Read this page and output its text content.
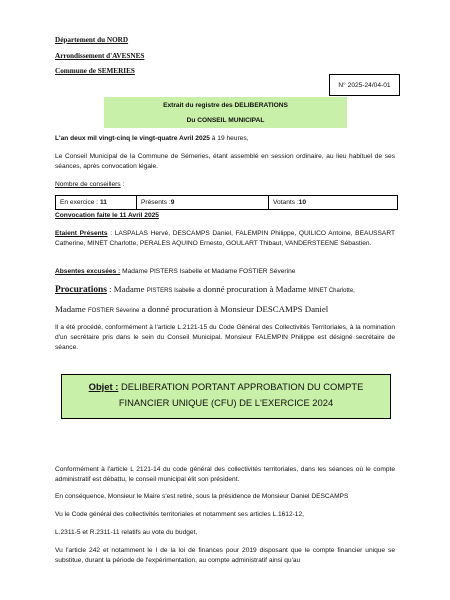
Département du NORD
Arrondissement d'AVESNES
Commune de SEMERIES
N° 2025-24/04-01
Extrait du registre des DELIBERATIONS
Du CONSEIL MUNICIPAL
L'an deux mil vingt-cinq le vingt-quatre Avril 2025 à 19 heures,
Le Conseil Municipal de la Commune de Sémeries, étant assemblé en session ordinaire, au lieu habituel de ses séances, après convocation légale.
Nombre de conseillers :
En exercice :
11	Présents : 9	Votants : 10
Convocation faite le 11 Avril 2025
Etaient Présents : LASPALAS Hervé, DESCAMPS Daniel, FALEMPIN Philippe, QUILICO Antoine, BEAUSSART Catherine, MINET Charlotte, PERALES AQUINO Ernesto, GOULART Thibaut, VANDERSTEENE Sébastien.
Absentes excusées : Madame PISTERS Isabelle et Madame FOSTIER Séverine
Procurations : Madame PISTERS Isabelle a donné procuration à Madame MINET Charlotte,
Madame FOSTIER Séverine a donné procuration à Monsieur DESCAMPS Daniel
Il a été procédé, conformément à l'article L.2121-15 du Code Général des Collectivités Territoriales, à la nomination d'un secrétaire pris dans le sein du Conseil Municipal. Monsieur FALEMPIN Philippe est désigné secrétaire de séance.
Objet : DELIBERATION PORTANT APPROBATION DU COMPTE
FINANCIER UNIQUE (CFU) DE L'EXERCICE 2024
Conformément à l'article L 2121-14 du code général des collectivités territoriales, dans les séances où le compte administratif est débattu, le conseil municipal élit son président.
En conséquence, Monsieur le Maire s'est retiré, sous la présidence de Monsieur Daniel DESCAMPS
Vu le Code général des collectivités territoriales et notamment ses articles L.1612-12,
L.2311-5 et R.2311-11 relatifs au vote du budget,
Vu l'article 242 et notamment le I de la loi de finances pour 2019 disposant que le compte financier unique se substitue, durant la période de l'expérimentation, au compte administratif ainsi qu'au
